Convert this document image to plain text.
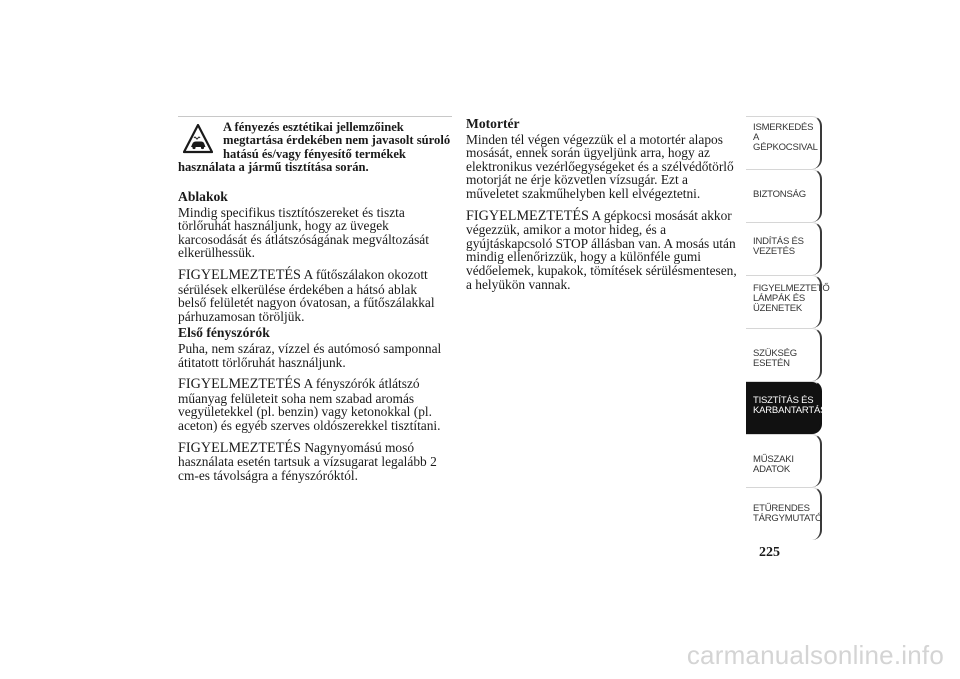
A fényezés esztétikai jellemzőinek megtartása érdekében nem javasolt súroló hatású és/vagy fényesítő termékek használata a jármű tisztítása során.

Ablakok

Mindig specifikus tisztítószereket és tiszta törlőruhát használjunk, hogy az üvegek karcosodását és átlátszóságának megváltozását elkerülhessük.

FIGYELMEZTETÉS A fűtőszálakon okozott sérülések elkerülése érdekében a hátsó ablak belső felületét nagyon óvatosan, a fűtőszálakkal párhuzamosan töröljük.

Első fényszórók

Puha, nem száraz, vízzel és autómosó samponnal átitatott törlőruhát használjunk.

FIGYELMEZTETÉS A fényszórók átlátszó műanyag felületeit soha nem szabad aromás vegyületekkel (pl. benzin) vagy ketonokkal (pl. aceton) és egyéb szerves oldószerekkel tisztítani.

FIGYELMEZTETÉS Nagynyomású mosó használata esetén tartsuk a vízsugarat legalább 2 cm-es távolságra a fényszóróktól.

Motortér

Minden tél végen végezzük el a motortér alapos mosását, ennek során ügyeljünk arra, hogy az elektronikus vezérlőegységeket és a szélvédőtörlő motorját ne érje közvetlen vízsugár. Ezt a műveletet szakműhelyben kell elvégeztetni.

FIGYELMEZTETÉS A gépkocsi mosását akkor végezzük, amikor a motor hideg, és a gyújtáskapcsoló STOP állásban van. A mosás után mindig ellenőrizzük, hogy a különféle gumi védőelemek, kupakok, tömítések sérülésmentesen, a helyükön vannak.

ISMERKEDÉS A GÉPKOCSIVAL
BIZTONSÁG
INDÍTÁS ÉS VEZETÉS
FIGYELMEZTETŐ LÁMPÁK ÉS ÜZENETEK
SZÜKSÉG ESETÉN
TISZTÍTÁS ÉS KARBANTARTÁS
MŰSZAKI ADATOK
ETŰRENDES TÁRGYMUTATÓ
225
carmanualsonline.info
